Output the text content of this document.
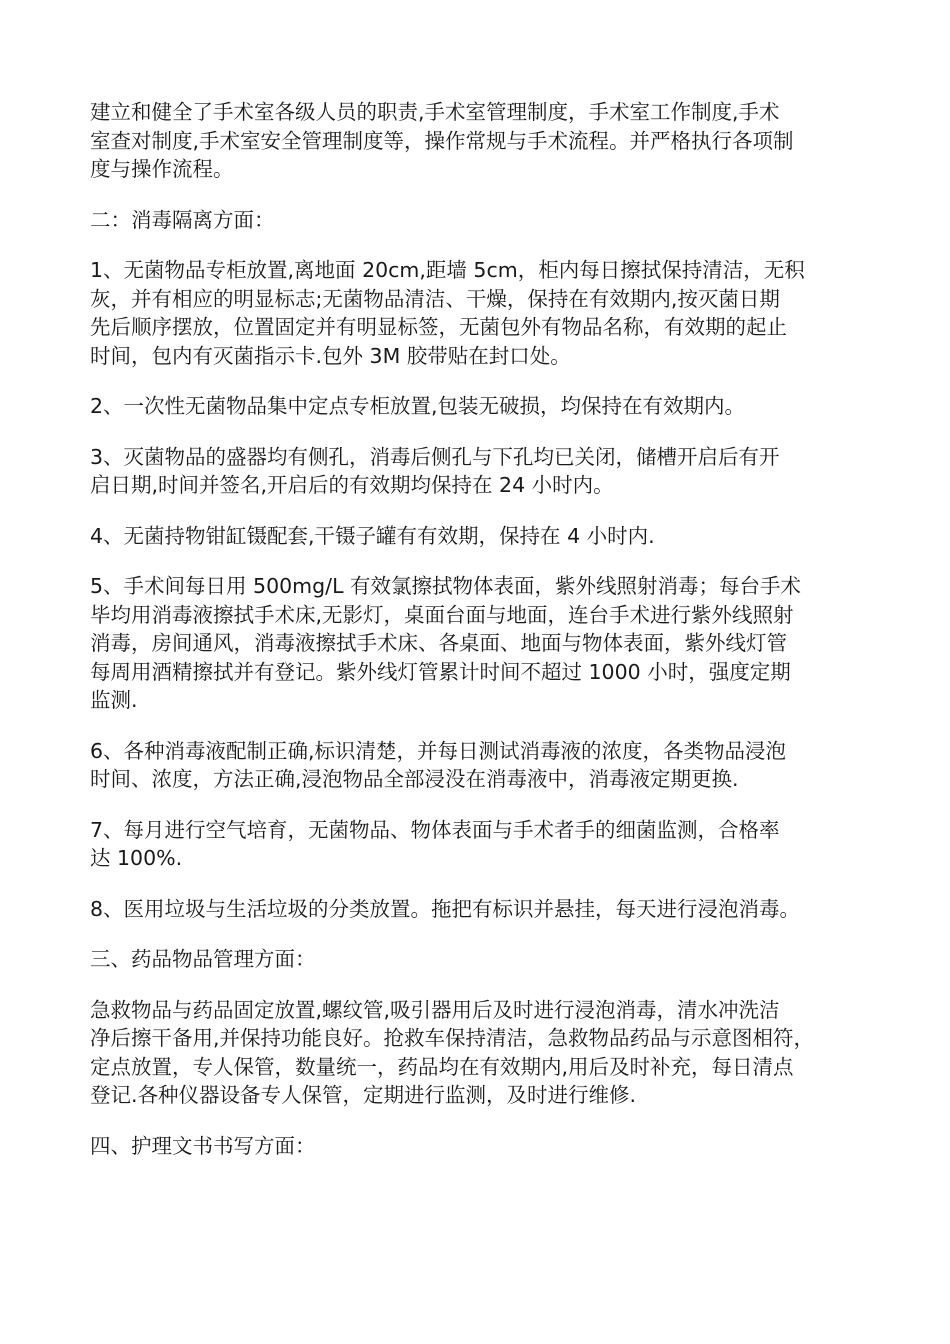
建立和健全了手术室各级人员的职责,手术室管理制度，手术室工作制度,手术
室查对制度,手术室安全管理制度等，操作常规与手术流程。并严格执行各项制
度与操作流程。

二：消毒隔离方面：

1、无菌物品专柜放置,离地面 20cm,距墙 5cm，柜内每日擦拭保持清洁，无积
灰，并有相应的明显标志;无菌物品清洁、干燥，保持在有效期内,按灭菌日期
先后顺序摆放，位置固定并有明显标签，无菌包外有物品名称，有效期的起止
时间，包内有灭菌指示卡.包外 3M 胶带贴在封口处。

2、一次性无菌物品集中定点专柜放置,包装无破损，均保持在有效期内。

3、灭菌物品的盛器均有侧孔，消毒后侧孔与下孔均已关闭，储槽开启后有开
启日期,时间并签名,开启后的有效期均保持在 24 小时内。

4、无菌持物钳缸镊配套,干镊子罐有有效期，保持在 4 小时内.

5、手术间每日用 500mg/L 有效氯擦拭物体表面，紫外线照射消毒；每台手术
毕均用消毒液擦拭手术床,无影灯，桌面台面与地面，连台手术进行紫外线照射
消毒，房间通风，消毒液擦拭手术床、各桌面、地面与物体表面，紫外线灯管
每周用酒精擦拭并有登记。紫外线灯管累计时间不超过 1000 小时，强度定期
监测.

6、各种消毒液配制正确,标识清楚，并每日测试消毒液的浓度，各类物品浸泡
时间、浓度，方法正确,浸泡物品全部浸没在消毒液中，消毒液定期更换.

7、每月进行空气培育，无菌物品、物体表面与手术者手的细菌监测，合格率
达 100%.

8、医用垃圾与生活垃圾的分类放置。拖把有标识并悬挂，每天进行浸泡消毒。

三、药品物品管理方面：

急救物品与药品固定放置,螺纹管,吸引器用后及时进行浸泡消毒，清水冲洗洁
净后擦干备用,并保持功能良好。抢救车保持清洁，急救物品药品与示意图相符，
定点放置，专人保管，数量统一，药品均在有效期内,用后及时补充，每日清点
登记.各种仪器设备专人保管，定期进行监测，及时进行维修.

四、护理文书书写方面：
